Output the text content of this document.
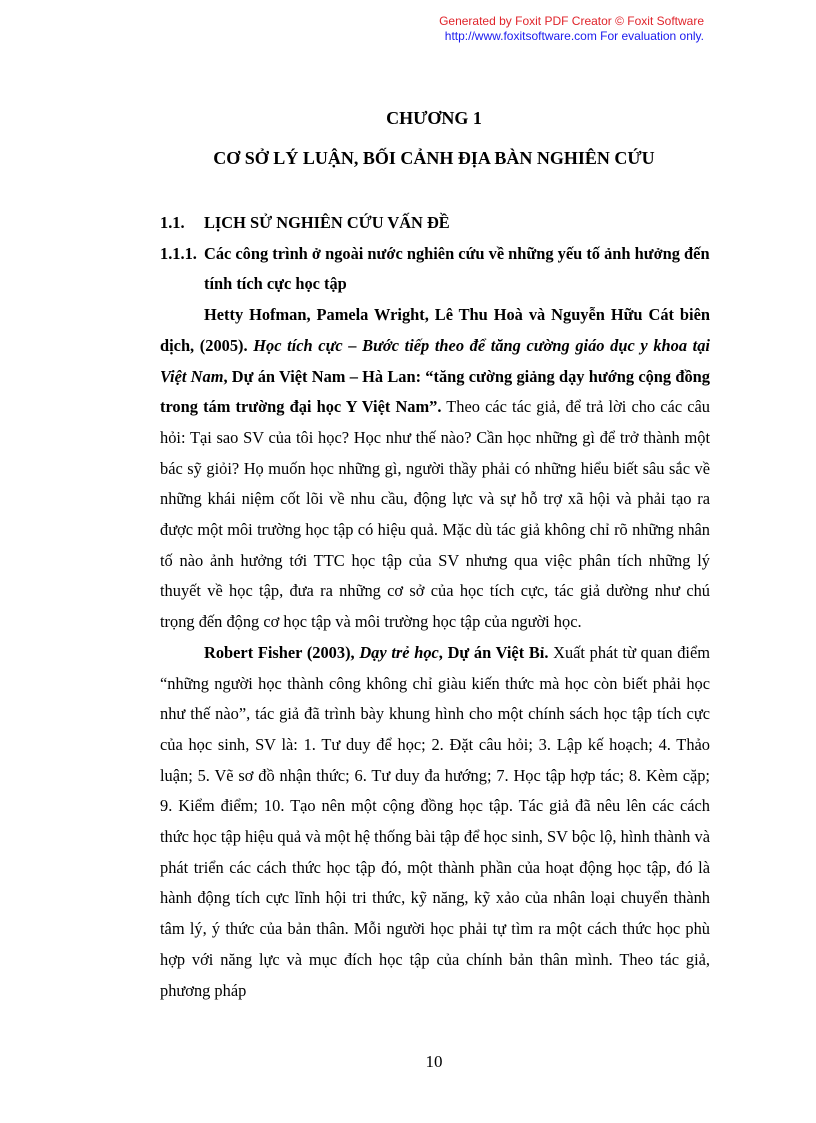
Generated by Foxit PDF Creator © Foxit Software
http://www.foxitsoftware.com For evaluation only.
CHƯƠNG 1
CƠ SỞ LÝ LUẬN, BỐI CẢNH ĐỊA BÀN NGHIÊN CỨU
1.1.	LỊCH SỬ NGHIÊN CỨU VẤN ĐỀ
1.1.1. Các công trình ở ngoài nước nghiên cứu về những yếu tố ảnh hưởng đến tính tích cực học tập

Hetty Hofman, Pamela Wright, Lê Thu Hoà và Nguyễn Hữu Cát biên dịch, (2005). Học tích cực – Bước tiếp theo để tăng cường giáo dục y khoa tại Việt Nam, Dự án Việt Nam – Hà Lan: “tăng cường giảng dạy hướng cộng đồng trong tám trường đại học Y Việt Nam”. Theo các tác giả, để trả lời cho các câu hỏi: Tại sao SV của tôi học? Học như thế nào? Cần học những gì để trở thành một bác sỹ giỏi? Họ muốn học những gì, người thầy phải có những hiểu biết sâu sắc về những khái niệm cốt lõi về nhu cầu, động lực và sự hỗ trợ xã hội và phải tạo ra được một môi trường học tập có hiệu quả. Mặc dù tác giả không chỉ rõ những nhân tố nào ảnh hưởng tới TTC học tập của SV nhưng qua việc phân tích những lý thuyết về học tập, đưa ra những cơ sở của học tích cực, tác giả dường như chú trọng đến động cơ học tập và môi trường học tập của người học.

Robert Fisher (2003), Dạy trẻ học, Dự án Việt Bỉ. Xuất phát từ quan điểm “những người học thành công không chỉ giàu kiến thức mà học còn biết phải học như thế nào”, tác giả đã trình bày khung hình cho một chính sách học tập tích cực của học sinh, SV là: 1. Tư duy để học; 2. Đặt câu hỏi; 3. Lập kế hoạch; 4. Thảo luận; 5. Vẽ sơ đồ nhận thức; 6. Tư duy đa hướng; 7. Học tập hợp tác; 8. Kèm cặp; 9. Kiểm điểm; 10. Tạo nên một cộng đồng học tập. Tác giả đã nêu lên các cách thức học tập hiệu quả và một hệ thống bài tập để học sinh, SV bộc lộ, hình thành và phát triển các cách thức học tập đó, một thành phần của hoạt động học tập, đó là hành động tích cực lĩnh hội tri thức, kỹ năng, kỹ xảo của nhân loại chuyển thành tâm lý, ý thức của bản thân. Mỗi người học phải tự tìm ra một cách thức học phù hợp với năng lực và mục đích học tập của chính bản thân mình. Theo tác giả, phương pháp

10
